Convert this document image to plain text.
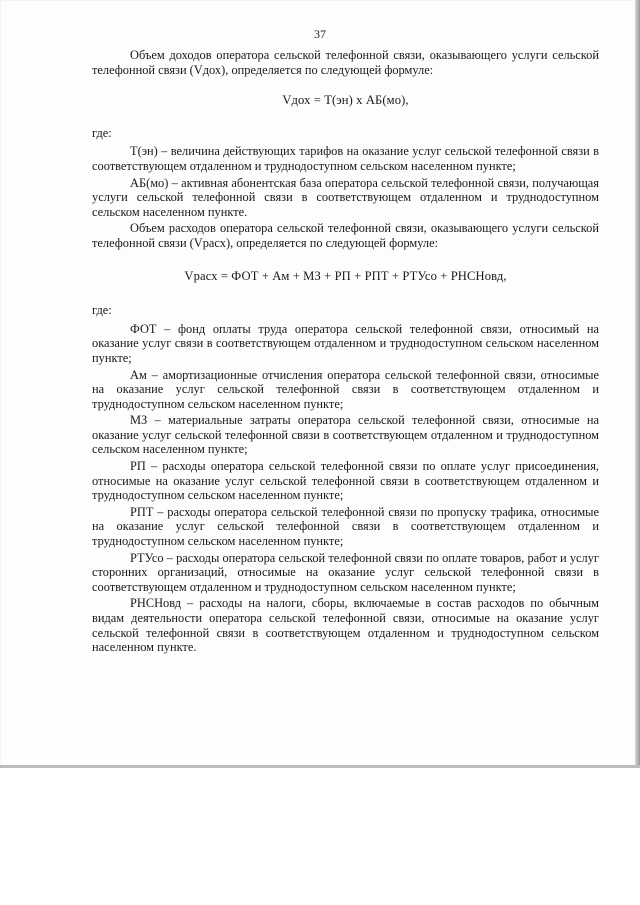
37

Объем доходов оператора сельской телефонной связи, оказывающего услуги сельской телефонной связи (Vдох), определяется по следующей формуле:

Vдох = Т(эн) х АБ(мо),

где:

Т(эн) – величина действующих тарифов на оказание услуг сельской телефонной связи в соответствующем отдаленном и труднодоступном сельском населенном пункте;

АБ(мо) – активная абонентская база оператора сельской телефонной связи, получающая услуги сельской телефонной связи в соответствующем отдаленном и труднодоступном сельском населенном пункте.

Объем расходов оператора сельской телефонной связи, оказывающего услуги сельской телефонной связи (Vрасх), определяется по следующей формуле:

Vрасх = ФОТ + Ам + МЗ + РП + РПТ + РТУсо + РНСНовд,

где:

ФОТ – фонд оплаты труда оператора сельской телефонной связи, относимый на оказание услуг связи в соответствующем отдаленном и труднодоступном сельском населенном пункте;

Ам – амортизационные отчисления оператора сельской телефонной связи, относимые на оказание услуг сельской телефонной связи в соответствующем отдаленном и труднодоступном сельском населенном пункте;

МЗ – материальные затраты оператора сельской телефонной связи, относимые на оказание услуг сельской телефонной связи в соответствующем отдаленном и труднодоступном сельском населенном пункте;

РП – расходы оператора сельской телефонной связи по оплате услуг присоединения, относимые на оказание услуг сельской телефонной связи в соответствующем отдаленном и труднодоступном сельском населенном пункте;

РПТ – расходы оператора сельской телефонной связи по пропуску трафика, относимые на оказание услуг сельской телефонной связи в соответствующем отдаленном и труднодоступном сельском населенном пункте;

РТУсо – расходы оператора сельской телефонной связи по оплате товаров, работ и услуг сторонних организаций, относимые на оказание услуг сельской телефонной связи в соответствующем отдаленном и труднодоступном сельском населенном пункте;

РНСНовд – расходы на налоги, сборы, включаемые в состав расходов по обычным видам деятельности оператора сельской телефонной связи, относимые на оказание услуг сельской телефонной связи в соответствующем отдаленном и труднодоступном сельском населенном пункте.
